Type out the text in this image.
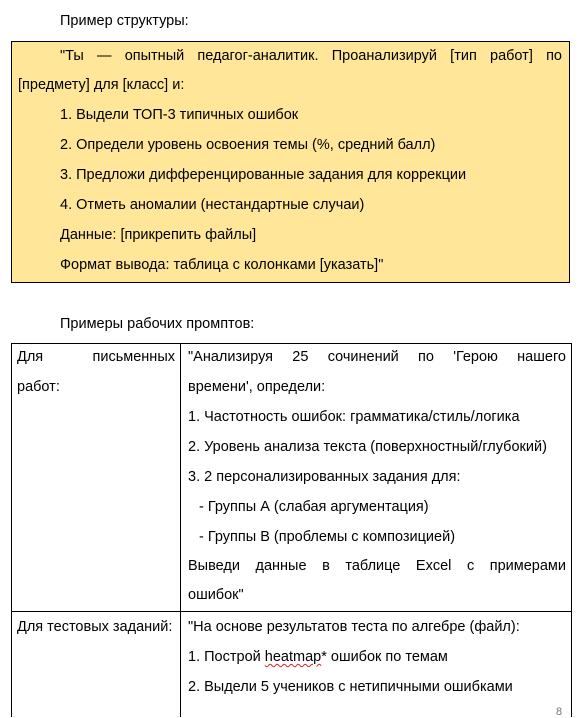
Пример структуры:
"Ты — опытный педагог-аналитик. Проанализируй [тип работ] по
[предмету] для [класс] и:
1. Выдели ТОП-3 типичных ошибок
2. Определи уровень освоения темы (%, средний балл)
3. Предложи дифференцированные задания для коррекции
4. Отметь аномалии (нестандартные случаи)
Данные: [прикрепить файлы]
Формат вывода: таблица с колонками [указать]"
Примеры рабочих промптов:
Для	письменных
работ:
"Анализируя 25 сочинений по 'Герою нашего
времени', определи:
1. Частотность ошибок: грамматика/стиль/логика
2. Уровень анализа текста (поверхностный/глубокий)
3. 2 персонализированных задания для:
- Группы А (слабая аргументация)
- Группы B (проблемы с композицией)
Выведи данные в таблице Excel с примерами
ошибок"
Для тестовых заданий: "На основе результатов теста по алгебре (файл):
1. Построй heatmap* ошибок по темам
2. Выдели 5 учеников с нетипичными ошибками
8
